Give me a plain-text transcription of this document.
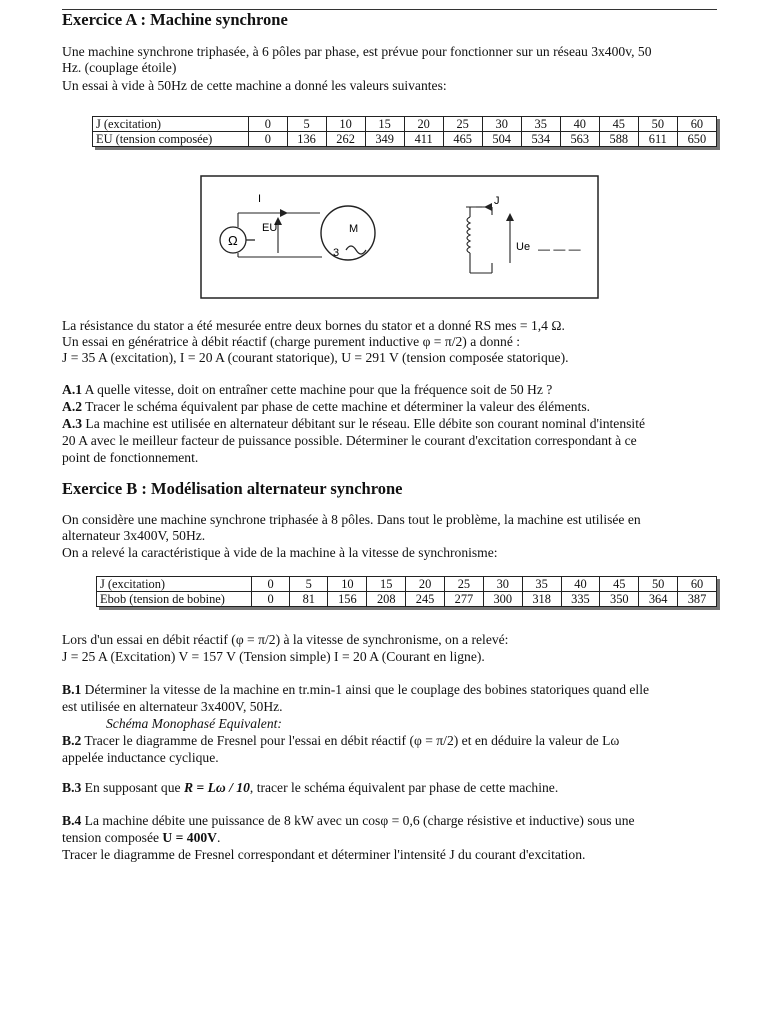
Exercice A : Machine synchrone

Une machine synchrone triphasée, à 6 pôles par phase, est prévue pour fonctionner sur un réseau 3x400v, 50

Hz. (couplage étoile)

Un essai à vide à 50Hz de cette machine a donné les valeurs suivantes:

J (excitation)	0	5	10	15	20	25	30	35	40	45	50	60
EU (tension composée)	0	136	262	349	411	465	504	534	563	588	611	650
Ω
I
EU	M
3
J
Ue — — —

La résistance du stator a été mesurée entre deux bornes du stator et a donné RS mes = 1,4 Ω.

Un essai en génératrice à débit réactif (charge purement inductive φ = π/2) a donné :

J = 35 A (excitation), I = 20 A (courant statorique), U = 291 V (tension composée statorique).

A.1 A quelle vitesse, doit on entraîner cette machine pour que la fréquence soit de 50 Hz ?

A.2 Tracer le schéma équivalent par phase de cette machine et déterminer la valeur des éléments.

A.3 La machine est utilisée en alternateur débitant sur le réseau. Elle débite son courant nominal d'intensité

20 A avec le meilleur facteur de puissance possible. Déterminer le courant d'excitation correspondant à ce

point de fonctionnement.

Exercice B : Modélisation alternateur synchrone

On considère une machine synchrone triphasée à 8 pôles. Dans tout le problème, la machine est utilisée en

alternateur 3x400V, 50Hz.

On a relevé la caractéristique à vide de la machine à la vitesse de synchronisme:

J (excitation)	0	5	10	15	20	25	30	35	40	45	50	60
Ebob (tension de bobine)	0	81	156	208	245	277	300	318	335	350	364	387

Lors d'un essai en débit réactif (φ = π/2) à la vitesse de synchronisme, on a relevé:

J = 25 A (Excitation) V = 157 V (Tension simple) I = 20 A (Courant en ligne).

B.1 Déterminer la vitesse de la machine en tr.min-1 ainsi que le couplage des bobines statoriques quand elle

est utilisée en alternateur 3x400V, 50Hz.

Schéma Monophasé Equivalent:

B.2 Tracer le diagramme de Fresnel pour l'essai en débit réactif (φ = π/2) et en déduire la valeur de Lω

appelée inductance cyclique.

B.3 En supposant que R = Lω / 10, tracer le schéma équivalent par phase de cette machine.

B.4 La machine débite une puissance de 8 kW avec un cosφ = 0,6 (charge résistive et inductive) sous une

tension composée U = 400V.

Tracer le diagramme de Fresnel correspondant et déterminer l'intensité J du courant d'excitation.
